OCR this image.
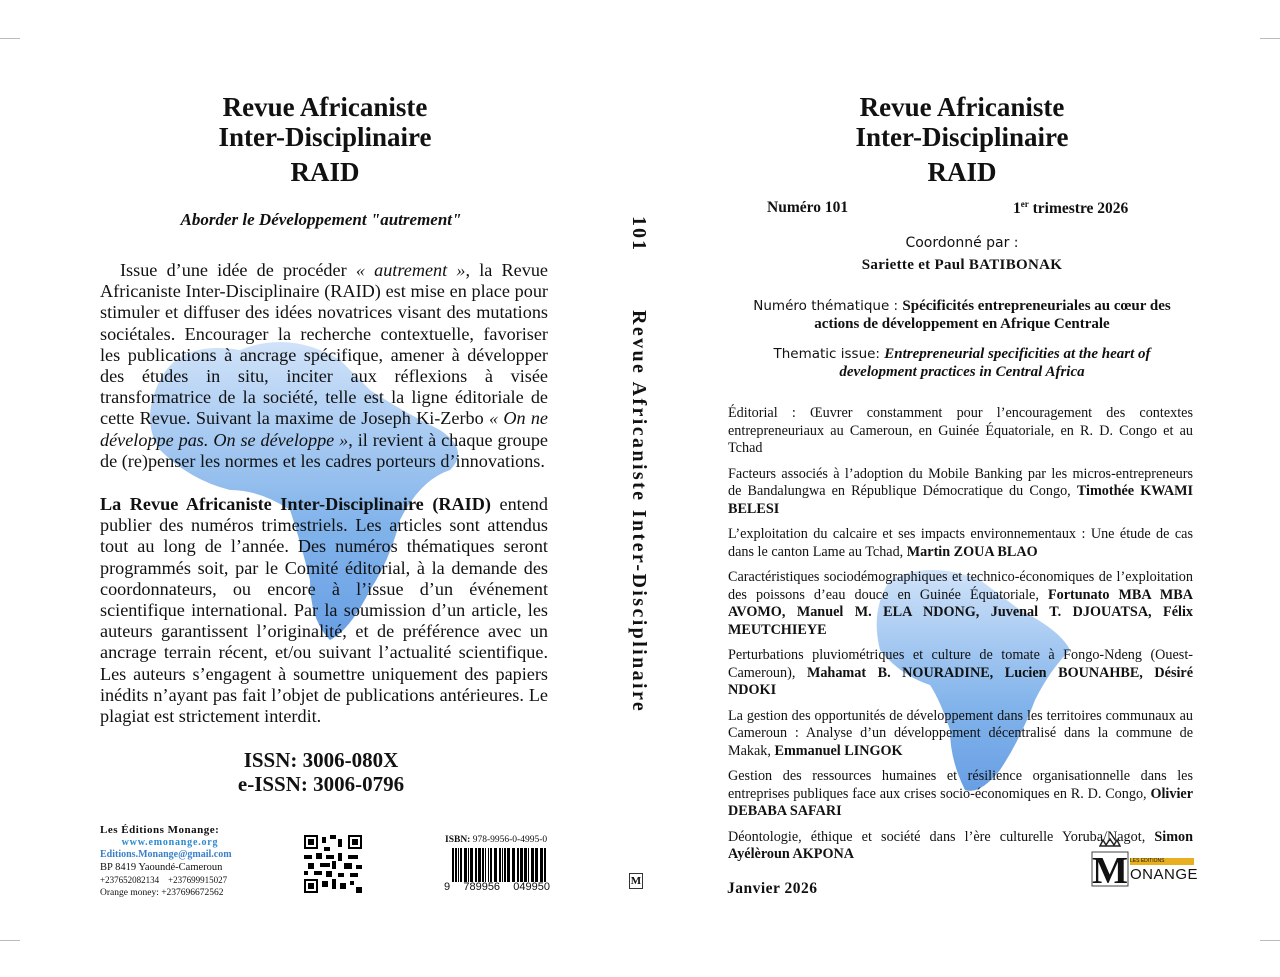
Revue Africaniste
Inter-Disciplinaire
RAID
Aborder le Développement "autrement"
Issue d’une idée de procéder « autrement », la Revue Africaniste Inter-Disciplinaire (RAID) est mise en place pour stimuler et diffuser des idées novatrices visant des mutations sociétales. Encourager la recherche contextuelle, favoriser les publications à ancrage spécifique, amener à développer des études in situ, inciter aux réflexions à visée transformatrice de la société, telle est la ligne éditoriale de cette Revue. Suivant la maxime de Joseph Ki-Zerbo « On ne développe pas. On se développe », il revient à chaque groupe de (re)penser les normes et les cadres porteurs d’innovations.
La Revue Africaniste Inter-Disciplinaire (RAID) entend publier des numéros trimestriels. Les articles sont attendus tout au long de l’année. Des numéros thématiques seront programmés soit, par le Comité éditorial, à la demande des coordonnateurs, ou encore à l’issue d’un événement scientifique international. Par la soumission d’un article, les auteurs garantissent l’originalité, et de préférence avec un ancrage terrain récent, et/ou suivant l’actualité scientifique. Les auteurs s’engagent à soumettre uniquement des papiers inédits n’ayant pas fait l’objet de publications antérieures. Le plagiat est strictement interdit.
ISSN: 3006-080X
e-ISSN: 3006-0796
Les Éditions Monange:
www.emonange.org
Editions.Monange@gmail.com
BP 8419 Yaoundé-Cameroun
+237652082134 +237699915027
Orange money: +237696672562
ISBN: 978-9956-0-4995-0
9 789956 049950
101
Revue Africaniste Inter-Disciplinaire
M
Revue Africaniste
Inter-Disciplinaire
RAID
Numéro 101	1er trimestre 2026
Coordonné par :
Sariette et Paul BATIBONAK
Numéro thématique : Spécificités entrepreneuriales au cœur des actions de développement en Afrique Centrale
Thematic issue: Entrepreneurial specificities at the heart of development practices in Central Africa
Éditorial : Œuvrer constamment pour l’encouragement des contextes entrepreneuriaux au Cameroun, en Guinée Équatoriale, en R. D. Congo et au Tchad
Facteurs associés à l’adoption du Mobile Banking par les micros-entrepreneurs de Bandalungwa en République Démocratique du Congo, Timothée KWAMI BELESI
L’exploitation du calcaire et ses impacts environnementaux : Une étude de cas dans le canton Lame au Tchad, Martin ZOUA BLAO
Caractéristiques sociodémographiques et technico-économiques de l’exploitation des poissons d’eau douce en Guinée Équatoriale, Fortunato MBA MBA AVOMO, Manuel M. ELA NDONG, Juvenal T. DJOUATSA, Félix MEUTCHIEYE
Perturbations pluviométriques et culture de tomate à Fongo-Ndeng (Ouest-Cameroun), Mahamat B. NOURADINE, Lucien BOUNAHBE, Désiré NDOKI
La gestion des opportunités de développement dans les territoires communaux au Cameroun : Analyse d’un développement décentralisé dans la commune de Makak, Emmanuel LINGOK
Gestion des ressources humaines et résilience organisationnelle dans les entreprises publiques face aux crises socio-économiques en R. D. Congo, Olivier DEBABA SAFARI
Déontologie, éthique et société dans l’ère culturelle Yoruba/Nagot, Simon Ayélèroun AKPONA
Janvier 2026	M LES EDITIONS
ONANGE
